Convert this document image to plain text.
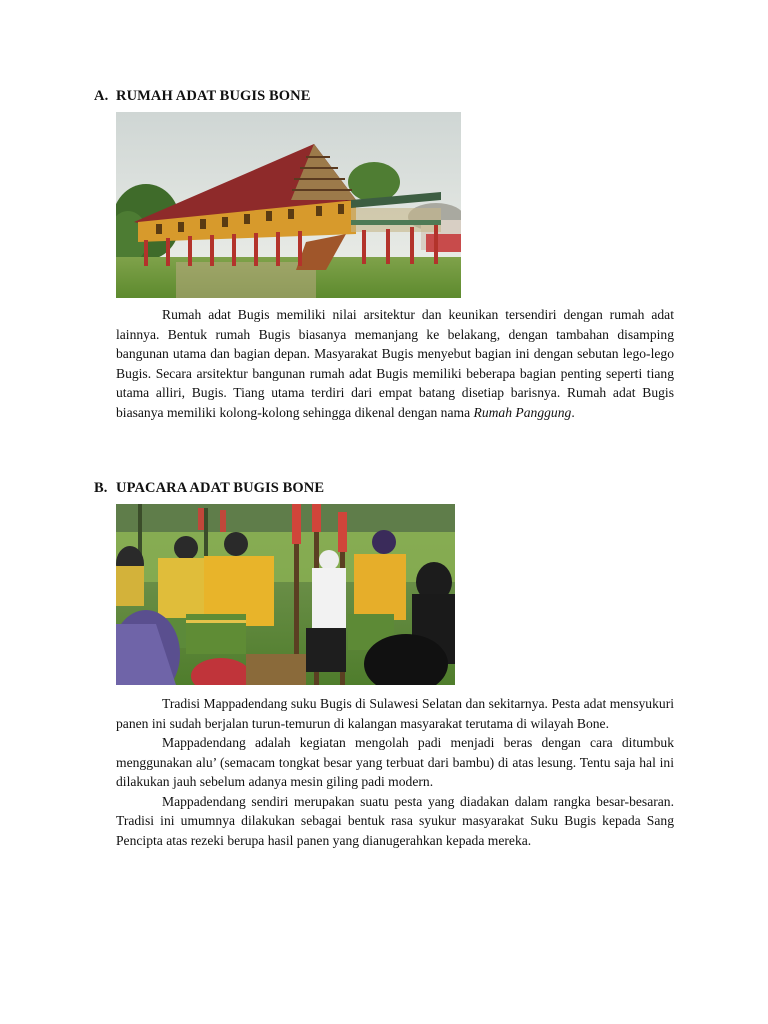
A. RUMAH ADAT BUGIS BONE

Rumah adat Bugis memiliki nilai arsitektur dan keunikan tersendiri dengan rumah adat lainnya. Bentuk rumah Bugis biasanya memanjang ke belakang, dengan tambahan disamping bangunan utama dan bagian depan. Masyarakat Bugis menyebut bagian ini dengan sebutan lego-lego Bugis. Secara arsitektur bangunan rumah adat Bugis memiliki beberapa bagian penting seperti tiang utama alliri, Bugis. Tiang utama terdiri dari empat batang disetiap barisnya. Rumah adat Bugis biasanya memiliki kolong-kolong sehingga dikenal dengan nama Rumah Panggung.

B. UPACARA ADAT BUGIS BONE

Tradisi Mappadendang suku Bugis di Sulawesi Selatan dan sekitarnya. Pesta adat mensyukuri panen ini sudah berjalan turun-temurun di kalangan masyarakat terutama di wilayah Bone.

Mappadendang adalah kegiatan mengolah padi menjadi beras dengan cara ditumbuk menggunakan alu’ (semacam tongkat besar yang terbuat dari bambu) di atas lesung. Tentu saja hal ini dilakukan jauh sebelum adanya mesin giling padi modern.

Mappadendang sendiri merupakan suatu pesta yang diadakan dalam rangka besar-besaran. Tradisi ini umumnya dilakukan sebagai bentuk rasa syukur masyarakat Suku Bugis kepada Sang Pencipta atas rezeki berupa hasil panen yang dianugerahkan kepada mereka.
